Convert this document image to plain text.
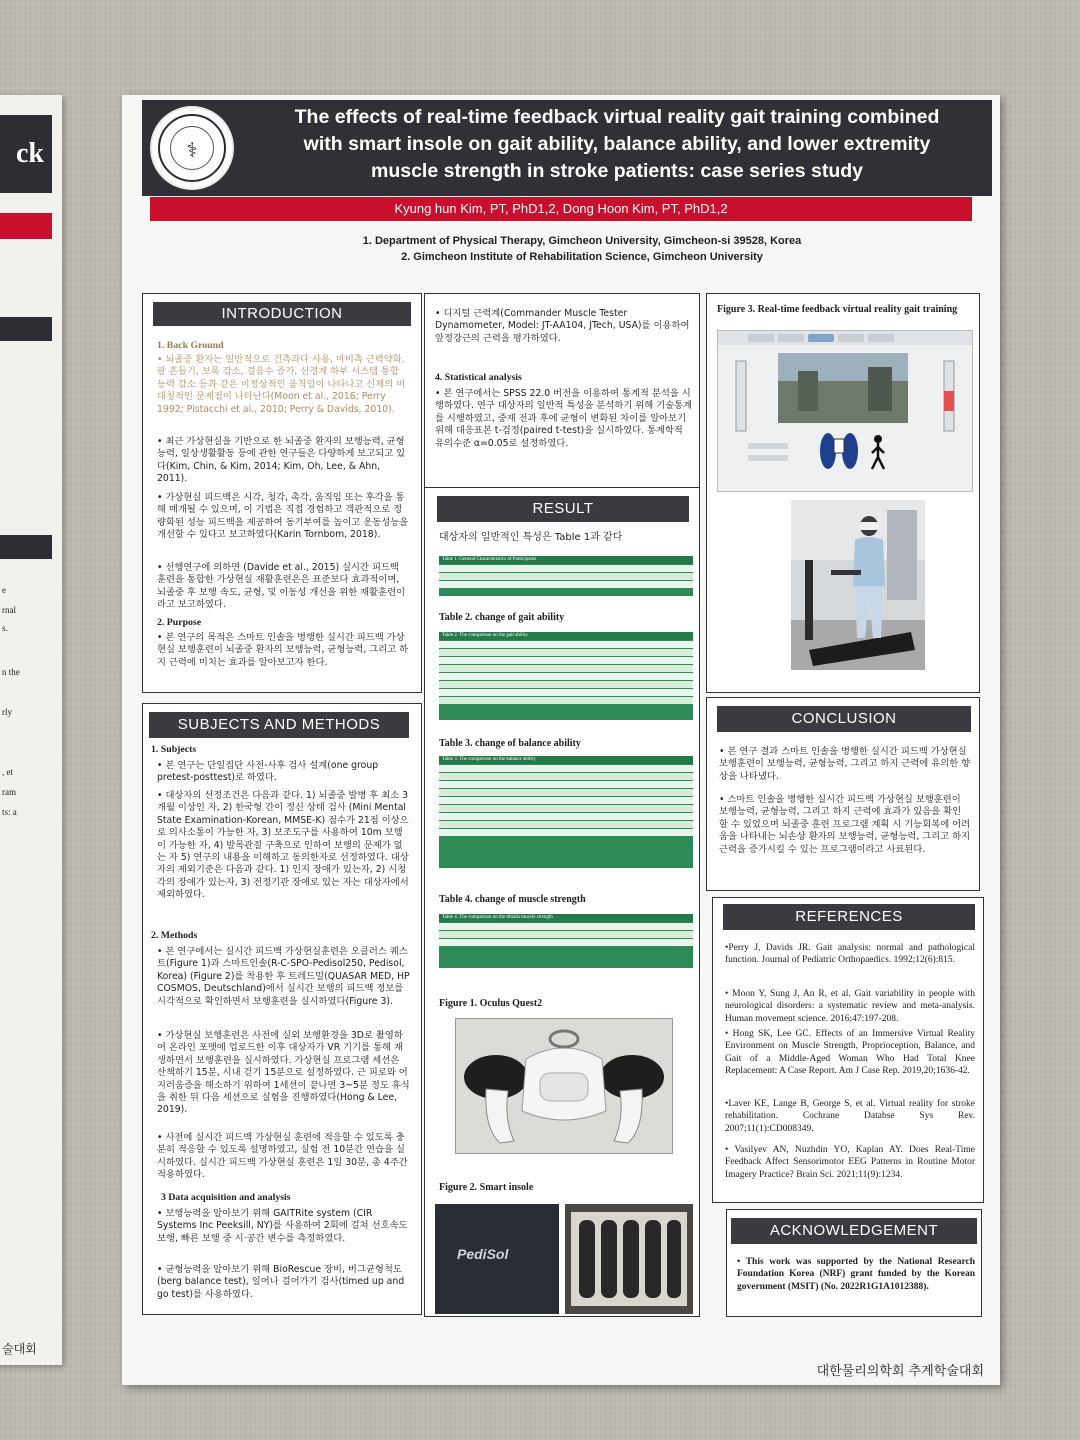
ck
e
rnal
s.
n the
rly
, et
ram
ts: a
술대회
⚕
The effects of real-time feedback virtual reality gait training combined
with smart insole on gait ability, balance ability, and lower extremity
muscle strength in stroke patients: case series study
Kyung hun Kim, PT, PhD1,2, Dong Hoon Kim, PT, PhD1,2
1. Department of Physical Therapy, Gimcheon University, Gimcheon-si 39528, Korea
2. Gimcheon Institute of Rehabilitation Science, Gimcheon University
INTRODUCTION
1. Back Ground
• 뇌졸중 환자는 일반적으로 건측과다 사용, 마비측 근력약화, 팔 흔들기, 보폭 감소, 걸음수 증가, 신경계 하부 시스템 통합 능력 감소 등과 같은 비정상적인 움직임이 나타나고 신체의 비대칭적인 문제점이 나타난다(Moon et al., 2016; Perry 1992; Pistacchi et al., 2010; Perry & Davids, 2010).
• 최근 가상현실을 기반으로 한 뇌졸중 환자의 보행능력, 균형능력, 일상생활활동 등에 관한 연구들은 다양하게 보고되고 있다(Kim, Chin, & Kim, 2014; Kim, Oh, Lee, & Ahn, 2011).
• 가상현실 피드백은 시각, 청각, 촉각, 움직임 또는 후각을 통해 매개될 수 있으며, 이 기법은 직접 경험하고 객관적으로 정량화된 성능 피드백을 제공하여 동기부여를 높이고 운동성능을 개선할 수 있다고 보고하였다(Karin Tornbom, 2018).
• 선행연구에 의하면 (Davide et al., 2015) 실시간 피드백 훈련을 통합한 가상현실 재활훈련은은 표준보다 효과적이며, 뇌졸중 후 보행 속도, 균형, 및 이동성 개선을 위한 재활훈련이라고 보고하였다.
2. Purpose
• 본 연구의 목적은 스마트 인솔을 병행한 실시간 피드백 가상현실 보행훈련이 뇌졸중 환자의 보행능력, 균형능력, 그리고 하지 근력에 미치는 효과를 알아보고자 한다.
SUBJECTS AND METHODS
1. Subjects
• 본 연구는 단일집단 사전-사후 검사 설계(one group pretest-posttest)로 하였다.
• 대상자의 선정조건은 다음과 같다. 1) 뇌졸중 발병 후 최소 3개월 이상인 자, 2) 한국형 간이 정신 상태 검사 (Mini Mental State Examination-Korean, MMSE-K) 점수가 21점 이상으로 의사소통이 가능한 자, 3) 보조도구를 사용하여 10m 보행이 가능한 자, 4) 발목관절 구축으로 인하여 보행의 문제가 없는 자 5) 연구의 내용을 이해하고 동의한자로 선정하였다. 대상자의 제외기준은 다음과 같다. 1) 인지 장애가 있는자, 2) 시청각의 장애가 있는자, 3) 전정기관 장애로 있는 자는 대상자에서 제외하였다.
2. Methods
• 본 연구에서는 실시간 피드백 가상현실훈련은 오클러스 퀘스트(Figure 1)과 스마트인솔(R-C-SPO-Pedisol250, Pedisol, Korea) (Figure 2)를 착용한 후 트레드밀(QUASAR MED, HP COSMOS, Deutschland)에서 실시간 보행의 피드백 정보를 시각적으로 확인하면서 보행훈련을 실시하였다(Figure 3).
• 가상현실 보행훈련은 사전에 실외 보행환경을 3D로 촬영하여 온라인 포맷에 업로드한 이후 대상자가 VR 기기를 통해 재생하면서 보행훈련을 실시하였다. 가상현실 프로그램 세션은 산책하기 15분, 시내 걷기 15분으로 설정하였다. 근 피로와 어지러움증을 해소하기 위하여 1세션이 끝나면 3~5분 정도 휴식을 취한 뒤 다음 세션으로 실험을 진행하였다(Hong & Lee, 2019).
• 사전에 실시간 피드백 가상현실 훈련에 적응할 수 있도록 충분히 적응할 수 있도록 설명하였고, 실험 전 10분간 연습을 실시하였다. 실시간 피드백 가상현실 훈련은 1일 30분, 총 4주간 적용하였다.
3 Data acquisition and analysis
• 보행능력을 알아보기 위해 GAITRite system (CIR Systems Inc Peeksill, NY)를 사용하여 2회에 걸쳐 선호속도 보행, 빠른 보행 중 시·공간 변수를 측정하였다.
• 균형능력을 알아보기 위해 BioRescue 장비, 버그균형척도(berg balance test), 일어나 걸어가기 검사(timed up and go test)를 사용하였다.
• 디지털 근력계(Commander Muscle Tester Dynamometer, Model: JT-AA104, JTech, USA)를 이용하여 앞정강근의 근력을 평가하였다.
4. Statistical analysis
• 본 연구에서는 SPSS 22.0 버전을 이용하여 통계적 분석을 시행하였다. 연구 대상자의 일반적 특성을 분석하기 위해 기술통계를 시행하였고, 중재 전과 후에 균형이 변화된 차이를 알아보기 위해 대응표본 t-검정(paired t-test)을 실시하였다. 통계학적 유의수준 α=0.05로 설정하였다.
RESULT
대상자의 일반적인 특성은 Table 1과 같다
Table 1. General Characteristics of Participants
Table 2. change of gait ability
Table 2. The comparison on the gait ability
Table 3. change of balance ability
Table 3. The comparison on the balance ability
Table 4. change of muscle strength
Table 4. The comparison on the tibialis muscle strength
Figure 1. Oculus Quest2
Figure 2. Smart insole
PediSol
Figure 3. Real-time feedback virtual reality gait training
CONCLUSION
• 본 연구 결과 스마트 인솔을 병행한 실시간 피드백 가상현실 보행훈련이 보행능력, 균형능력, 그리고 하지 근력에 유의한 향상을 나타냈다.
• 스마트 인솔을 병행한 실시간 피드백 가상현실 보행훈련이 보행능력, 균형능력, 그리고 하지 근력에 효과가 있음을 확인 할 수 있었으며 뇌졸중 훈련 프로그램 계획 시 기능회복에 어려움을 나타내는 뇌손상 환자의 보행능력, 균형능력, 그리고 하지 근력을 증가시킬 수 있는 프로그램이라고 사료된다.
REFERENCES
•Perry J, Davids JR. Gait analysis: normal and pathological function. Journal of Pediatric Orthopaedics. 1992;12(6):815.
• Moon Y, Sung J, An R, et al. Gait variability in people with neurological disorders: a systematic review and meta-analysis. Human movement science. 2016;47:197-208.
• Hong SK, Lee GC. Effects of an Immersive Virtual Reality Environment on Muscle Strength, Proprioception, Balance, and Gait of a Middle-Aged Woman Who Had Total Knee Replacement: A Case Report. Am J Case Rep. 2019,20;1636-42.
•Laver KE, Lange B, George S, et al. Virtual reality for stroke rehabilitation. Cochrane Databse Sys Rev. 2007;11(1):CD008349.
• Vasilyev AN, Nuzhdin YO, Kaplan AY. Does Real-Time Feedback Affect Sensorimotor EEG Patterns in Routine Motor Imagery Practice? Brain Sci. 2021;11(9):1234.
ACKNOWLEDGEMENT
• This work was supported by the National Research Foundation Korea (NRF) grant funded by the Korean government (MSIT) (No. 2022R1G1A1012388).
대한물리의학회 추계학술대회
